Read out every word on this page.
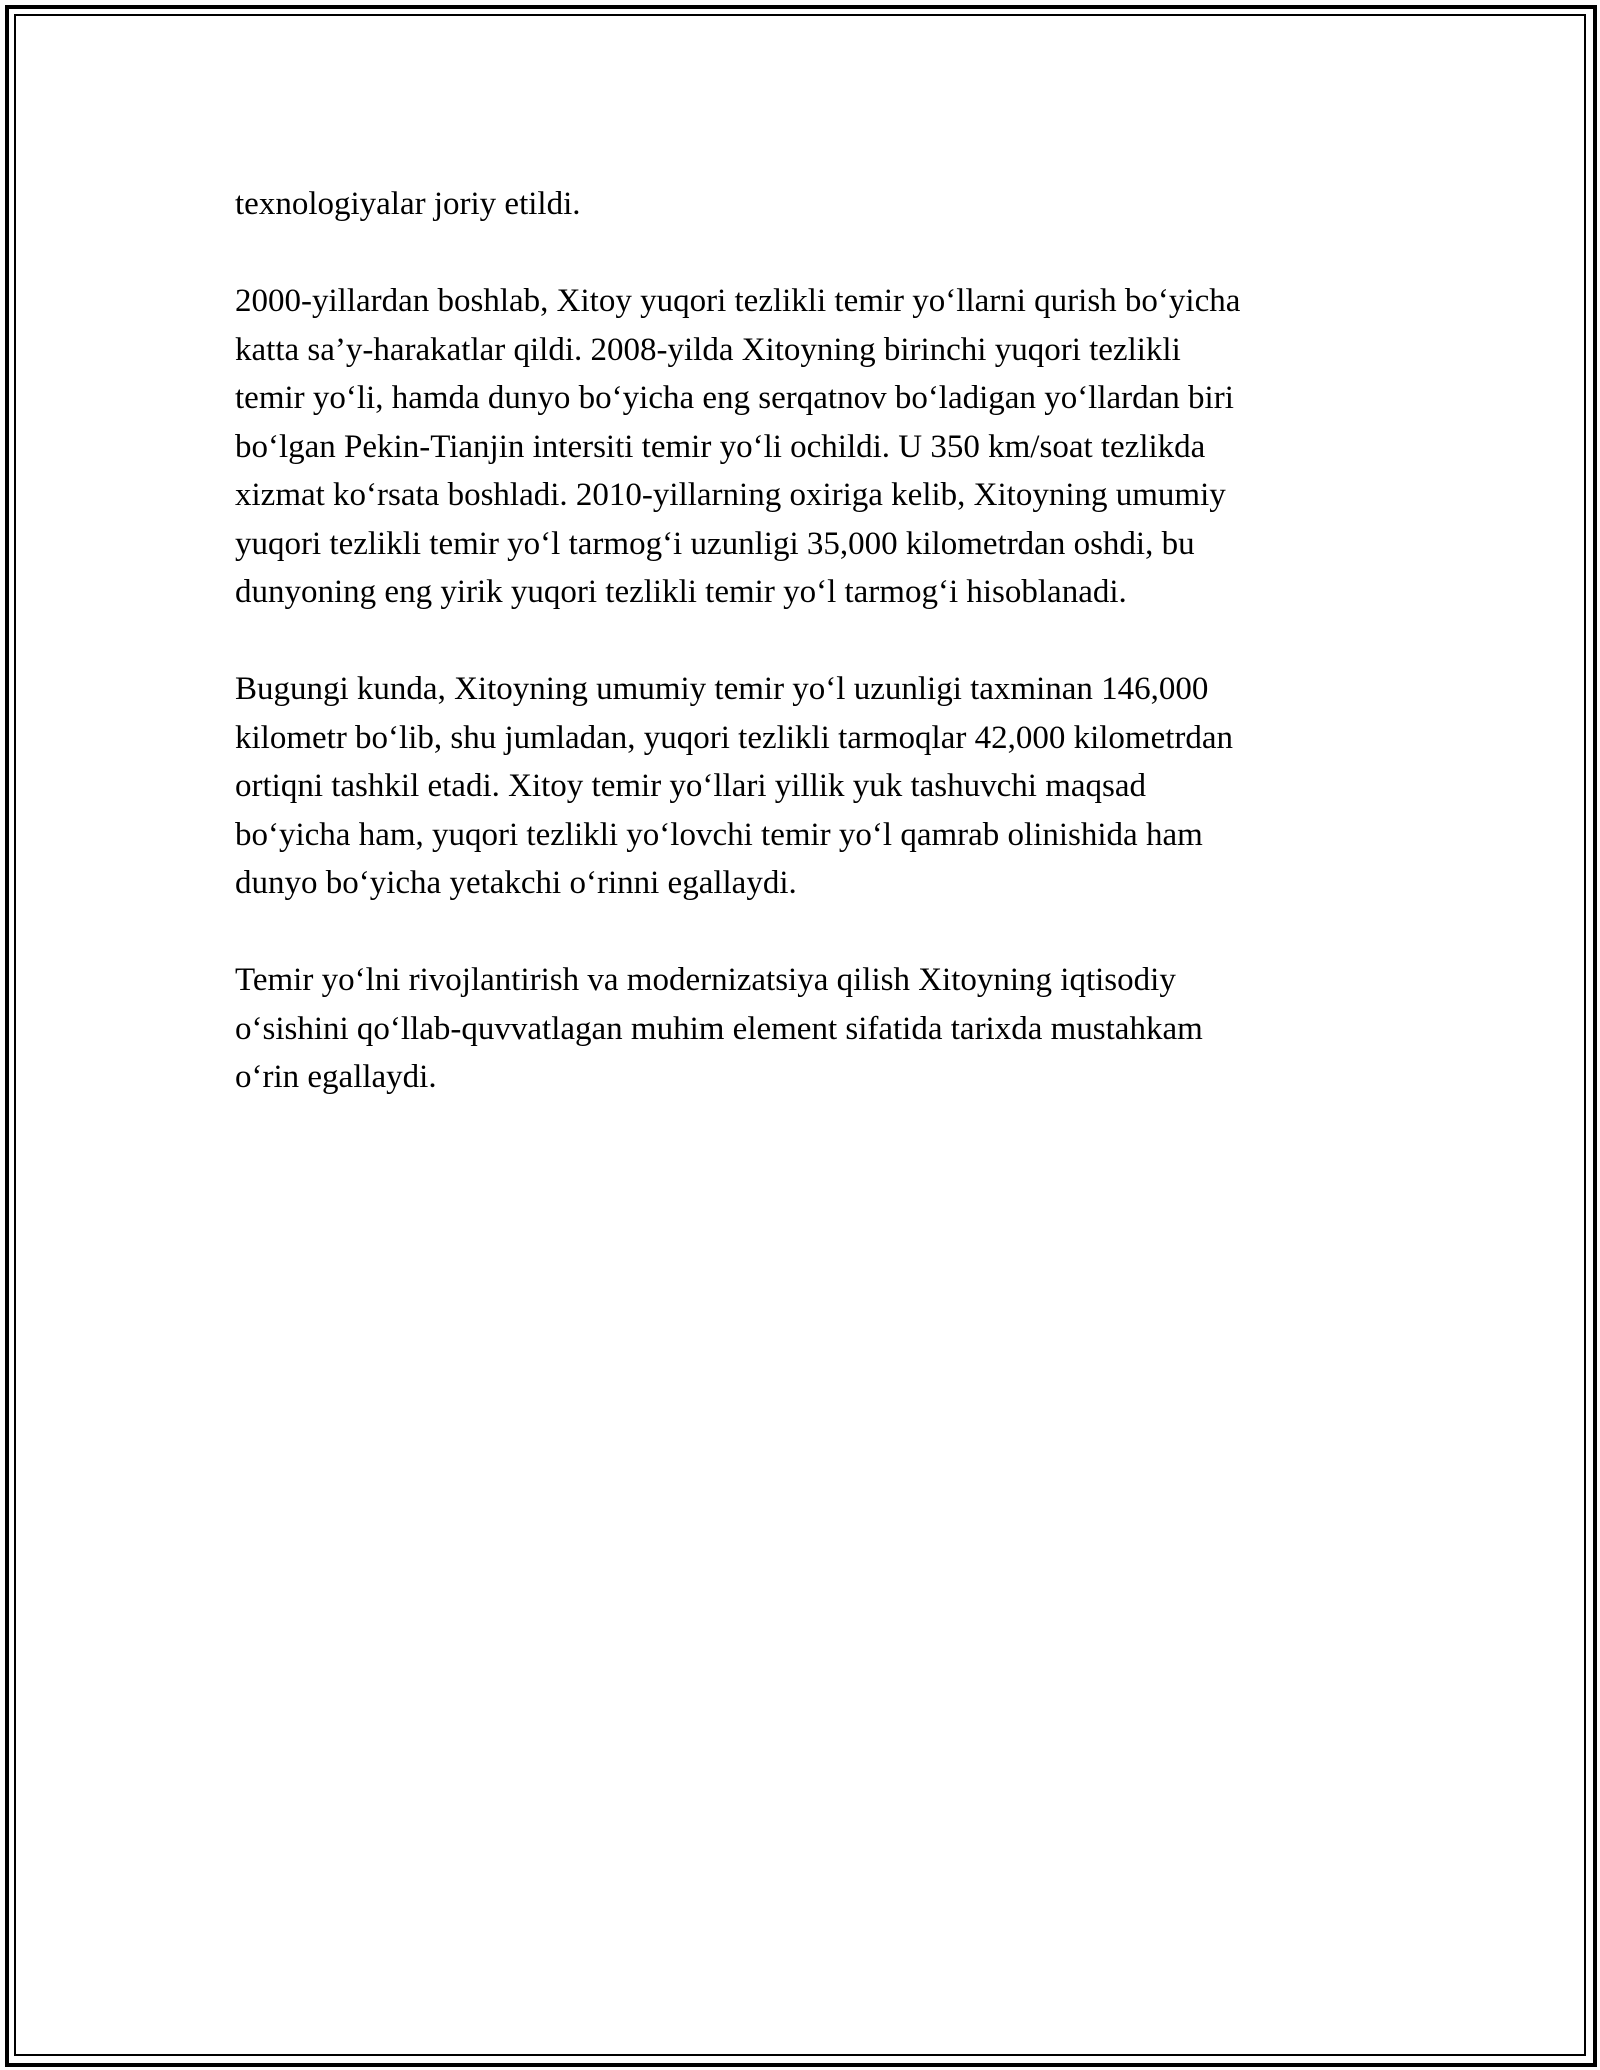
texnologiyalar joriy etildi.

2000-yillardan boshlab, Xitoy yuqori tezlikli temir yo‘llarni qurish bo‘yicha
katta sa’y-harakatlar qildi. 2008-yilda Xitoyning birinchi yuqori tezlikli
temir yo‘li, hamda dunyo bo‘yicha eng serqatnov bo‘ladigan yo‘llardan biri
bo‘lgan Pekin-Tianjin intersiti temir yo‘li ochildi. U 350 km/soat tezlikda
xizmat ko‘rsata boshladi. 2010-yillarning oxiriga kelib, Xitoyning umumiy
yuqori tezlikli temir yo‘l tarmog‘i uzunligi 35,000 kilometrdan oshdi, bu
dunyoning eng yirik yuqori tezlikli temir yo‘l tarmog‘i hisoblanadi.

Bugungi kunda, Xitoyning umumiy temir yo‘l uzunligi taxminan 146,000
kilometr bo‘lib, shu jumladan, yuqori tezlikli tarmoqlar 42,000 kilometrdan
ortiqni tashkil etadi. Xitoy temir yo‘llari yillik yuk tashuvchi maqsad
bo‘yicha ham, yuqori tezlikli yo‘lovchi temir yo‘l qamrab olinishida ham
dunyo bo‘yicha yetakchi o‘rinni egallaydi.

Temir yo‘lni rivojlantirish va modernizatsiya qilish Xitoyning iqtisodiy
o‘sishini qo‘llab-quvvatlagan muhim element sifatida tarixda mustahkam
o‘rin egallaydi.
